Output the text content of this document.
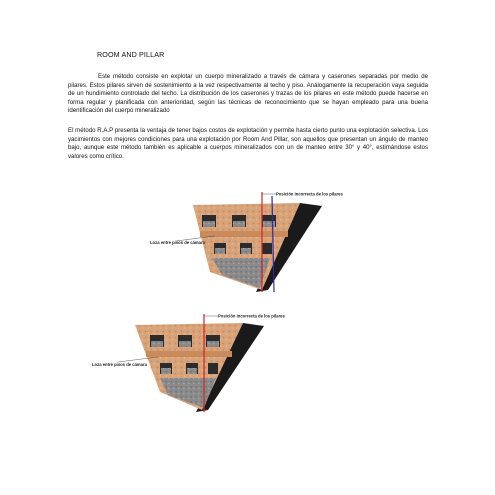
ROOM AND PILLAR

Este método consiste en explotar un cuerpo mineralizado a través de cámara y caserones separadas por medio de pilares. Estos pilares sirven de sostenimiento a la vez respectivamente al techo y piso. Análogamente la recuperación vaya seguida de un hundimiento controlado del techo. La distribución de los caserones y trazas de los pilares en este método puede hacerse en forma regular y planificada con anterioridad, según las técnicas de reconocimiento que se hayan empleado para una buena identificación del cuerpo mineralizado

El método R.A.P presenta la ventaja de tener bajos costos de explotación y permite hasta cierto punto una explotación selectiva. Los yacimientos con mejores condiciones para una explotación por Room And Pillar, son aquellos que presentan un ángulo de manteo bajo, aunque este método también es aplicable a cuerpos mineralizados con un de manteo entre 30° y 40°, estimándose estos valores como crítico.

Posición incorrecta de los pilares
Loza entre pisos de cámara
Posición incorrecta de los pilares
Loza entre pisos de cámara
